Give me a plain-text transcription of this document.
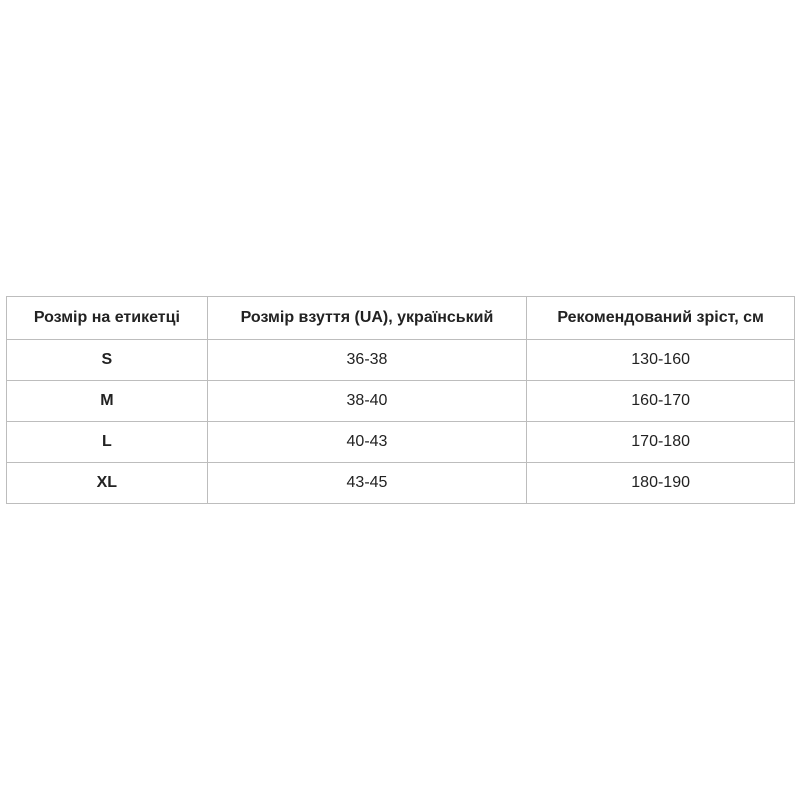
Розмір на етикетці	Розмір взуття (UA), український	Рекомендований зріст, см
S	36-38	130-160
M	38-40	160-170
L	40-43	170-180
XL	43-45	180-190
